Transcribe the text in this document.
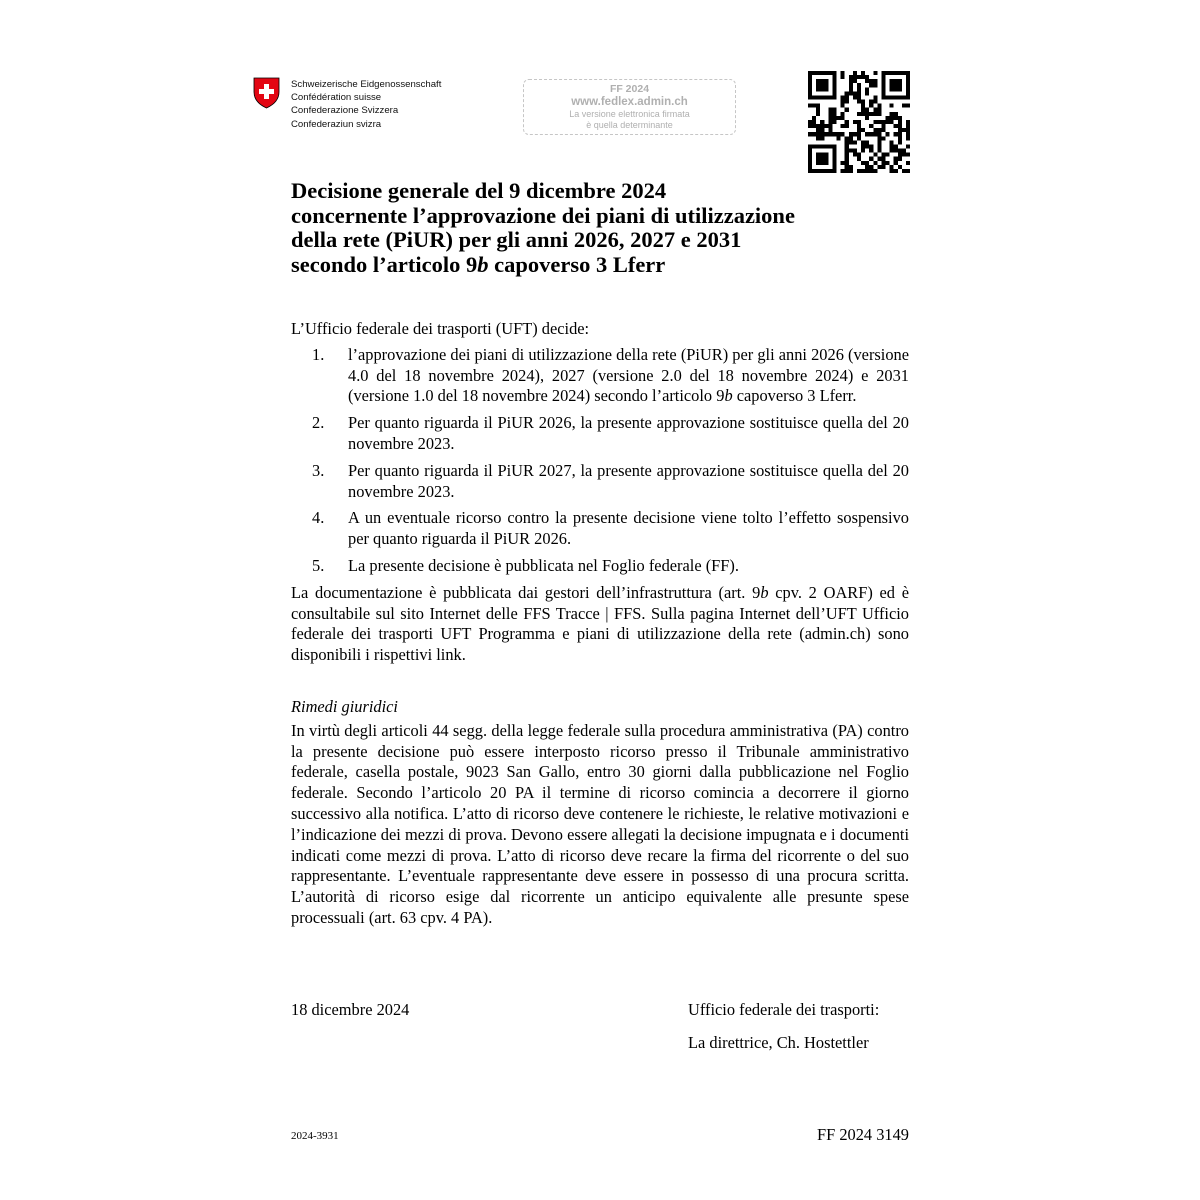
Schweizerische Eidgenossenschaft
Confédération suisse
Confederazione Svizzera
Confederaziun svizra
FF 2024
www.fedlex.admin.ch
La versione elettronica firmata
è quella determinante
Decisione generale del 9 dicembre 2024
concernente l’approvazione dei piani di utilizzazione
della rete (PiUR) per gli anni 2026, 2027 e 2031
secondo l’articolo 9b capoverso 3 Lferr

L’Ufficio federale dei trasporti (UFT) decide:

1.	l’approvazione dei piani di utilizzazione della rete (PiUR) per gli anni 2026 (versione 4.0 del 18 novembre 2024), 2027 (versione 2.0 del 18 novembre 2024) e 2031 (versione 1.0 del 18 novembre 2024) secondo l’articolo 9b capoverso 3 Lferr.
2.	Per quanto riguarda il PiUR 2026, la presente approvazione sostituisce quella del 20 novembre 2023.
3.	Per quanto riguarda il PiUR 2027, la presente approvazione sostituisce quella del 20 novembre 2023.
4.	A un eventuale ricorso contro la presente decisione viene tolto l’effetto sospensivo per quanto riguarda il PiUR 2026.
5.	La presente decisione è pubblicata nel Foglio federale (FF).

La documentazione è pubblicata dai gestori dell’infrastruttura (art. 9b cpv. 2 OARF) ed è consultabile sul sito Internet delle FFS Tracce | FFS. Sulla pagina Internet dell’UFT Ufficio federale dei trasporti UFT Programma e piani di utilizzazione della rete (admin.ch) sono disponibili i rispettivi link.

Rimedi giuridici

In virtù degli articoli 44 segg. della legge federale sulla procedura amministrativa (PA) contro la presente decisione può essere interposto ricorso presso il Tribunale amministrativo federale, casella postale, 9023 San Gallo, entro 30 giorni dalla pubblicazione nel Foglio federale. Secondo l’articolo 20 PA il termine di ricorso comincia a decorrere il giorno successivo alla notifica. L’atto di ricorso deve contenere le richieste, le relative motivazioni e l’indicazione dei mezzi di prova. Devono essere allegati la decisione impugnata e i documenti indicati come mezzi di prova. L’atto di ricorso deve recare la firma del ricorrente o del suo rappresentante. L’eventuale rappresentante deve essere in possesso di una procura scritta. L’autorità di ricorso esige dal ricorrente un anticipo equivalente alle presunte spese processuali (art. 63 cpv. 4 PA).

18 dicembre 2024	Ufficio federale dei trasporti:
La direttrice, Ch. Hostettler
2024-3931	FF 2024 3149
